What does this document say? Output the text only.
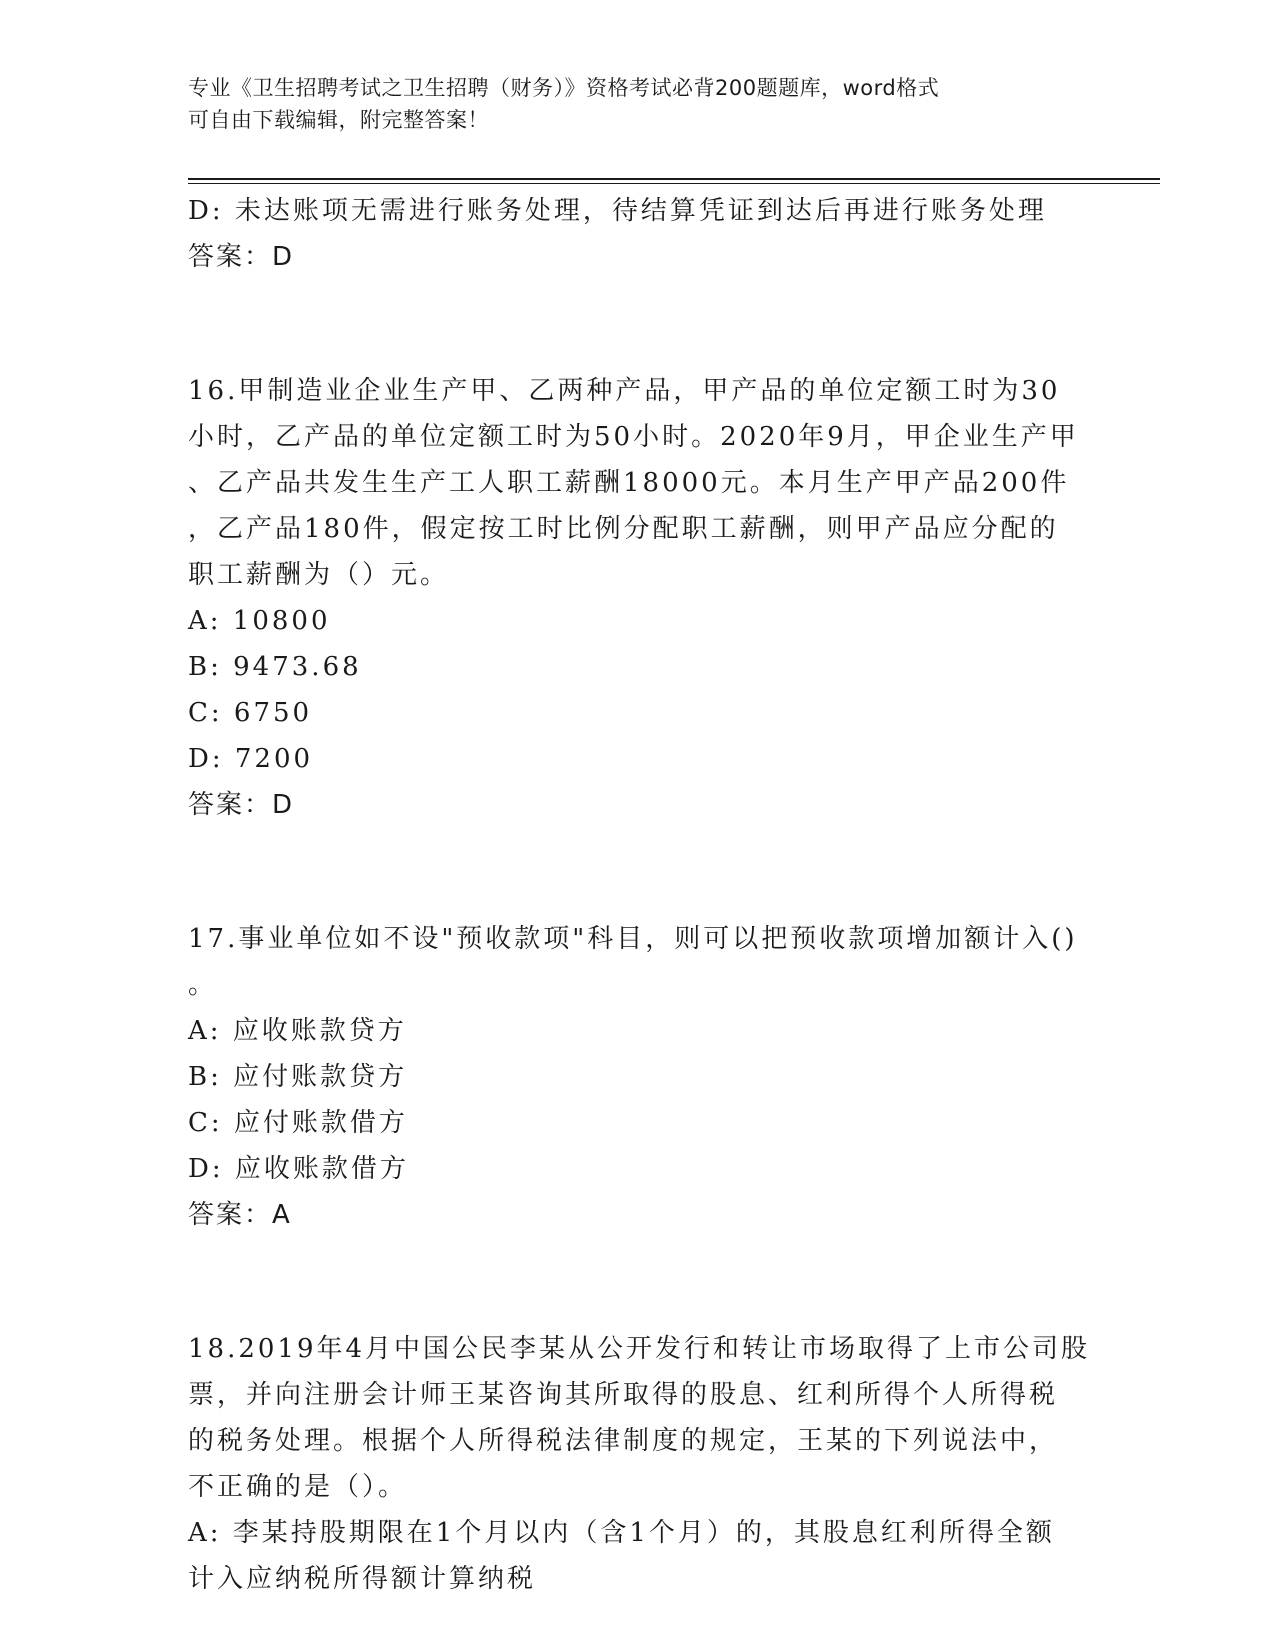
专业《卫生招聘考试之卫生招聘（财务）》资格考试必背200题题库，word格式
可自由下载编辑，附完整答案！
D: 未达账项无需进行账务处理，待结算凭证到达后再进行账务处理
答案：D
16.甲制造业企业生产甲、乙两种产品，甲产品的单位定额工时为30
小时，乙产品的单位定额工时为50小时。2020年9月，甲企业生产甲
、乙产品共发生生产工人职工薪酬18000元。本月生产甲产品200件
，乙产品180件，假定按工时比例分配职工薪酬，则甲产品应分配的
职工薪酬为（）元。
A: 10800
B: 9473.68
C: 6750
D: 7200
答案：D
17.事业单位如不设"预收款项"科目，则可以把预收款项增加额计入()
。
A: 应收账款贷方
B: 应付账款贷方
C: 应付账款借方
D: 应收账款借方
答案：A
18.2019年4月中国公民李某从公开发行和转让市场取得了上市公司股
票，并向注册会计师王某咨询其所取得的股息、红利所得个人所得税
的税务处理。根据个人所得税法律制度的规定，王某的下列说法中，
不正确的是（）。
A: 李某持股期限在1个月以内（含1个月）的，其股息红利所得全额
计入应纳税所得额计算纳税
